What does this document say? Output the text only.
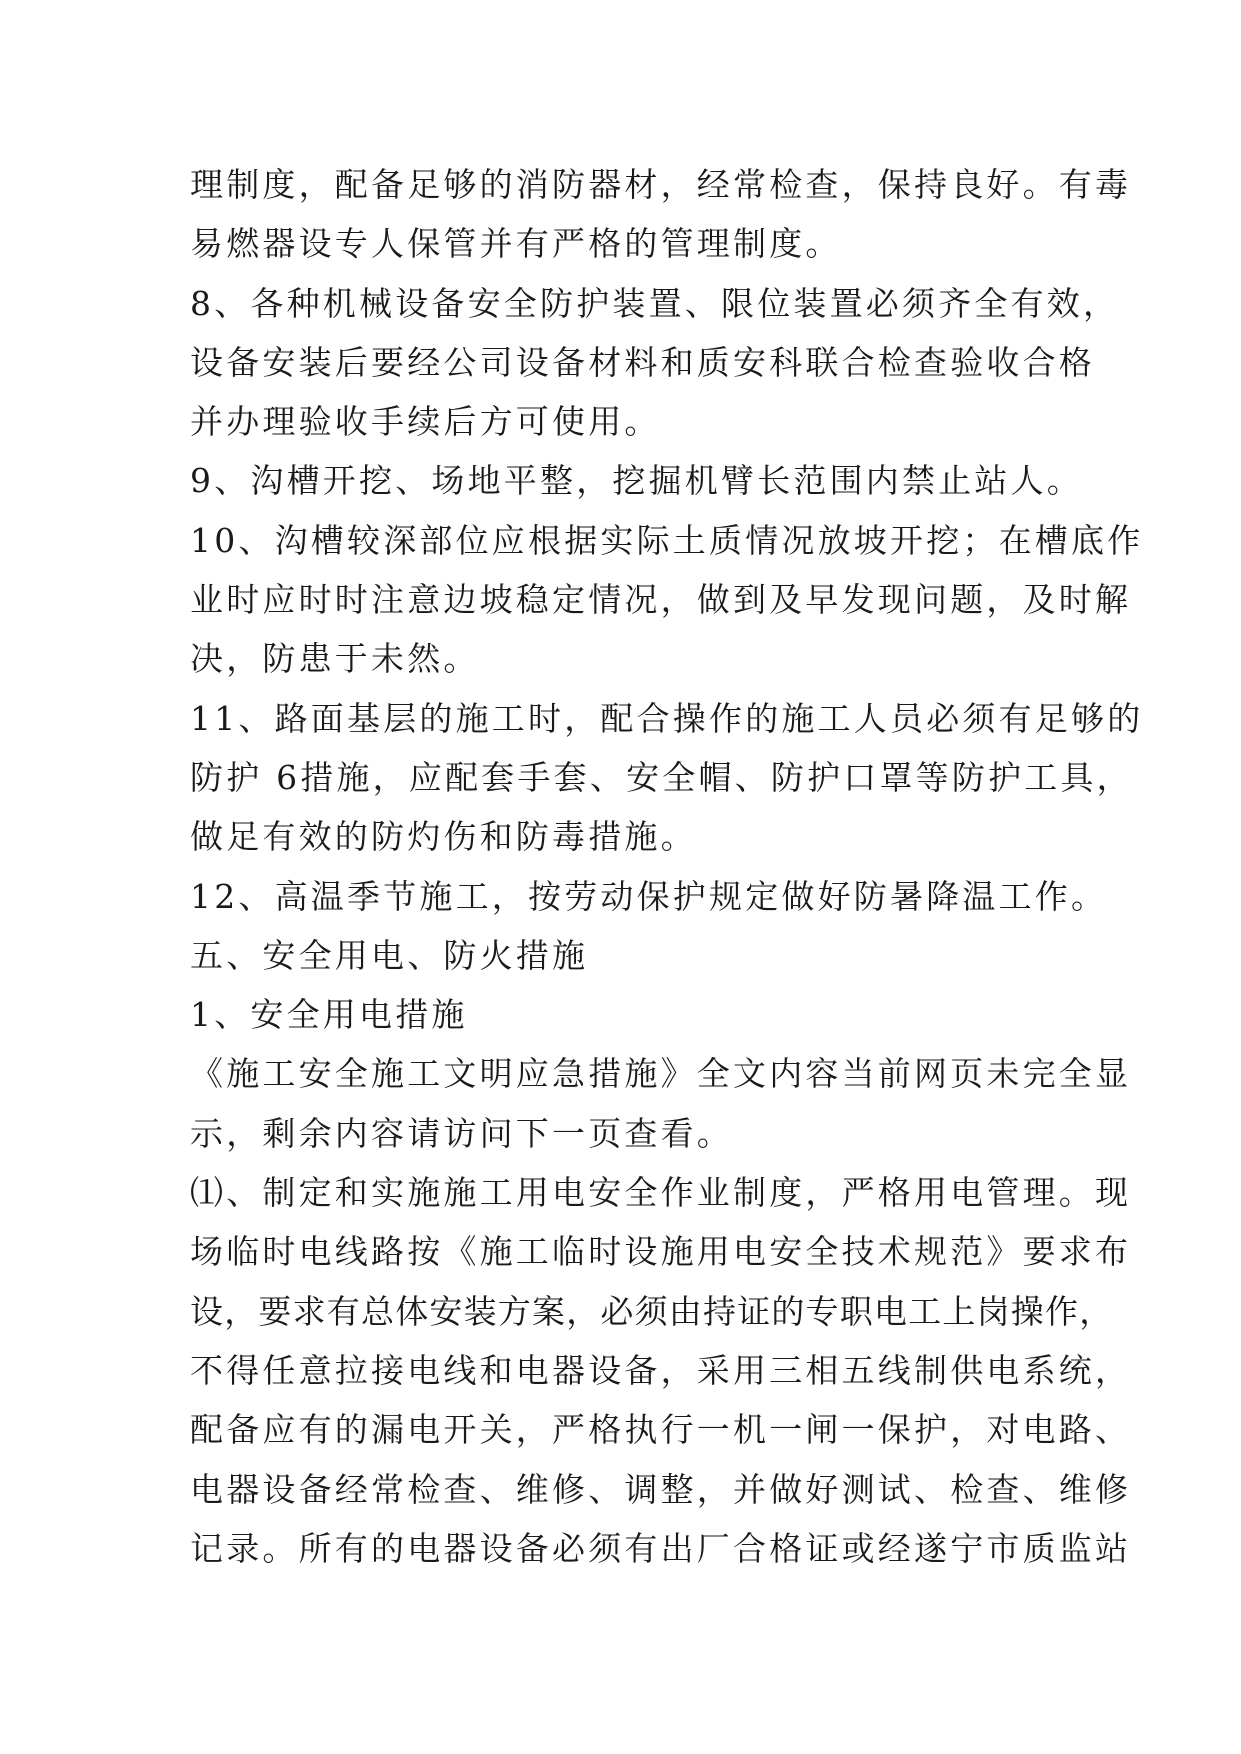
理制度，配备足够的消防器材，经常检查，保持良好。有毒
易燃器设专人保管并有严格的管理制度。
8、各种机械设备安全防护装置、限位装置必须齐全有效，
设备安装后要经公司设备材料和质安科联合检查验收合格
并办理验收手续后方可使用。
9、沟槽开挖、场地平整，挖掘机臂长范围内禁止站人。
10、沟槽较深部位应根据实际土质情况放坡开挖；在槽底作
业时应时时注意边坡稳定情况，做到及早发现问题，及时解
决，防患于未然。
11、路面基层的施工时，配合操作的施工人员必须有足够的
防护 6措施，应配套手套、安全帽、防护口罩等防护工具，
做足有效的防灼伤和防毒措施。
12、高温季节施工，按劳动保护规定做好防暑降温工作。
五、安全用电、防火措施
1、安全用电措施
《施工安全施工文明应急措施》全文内容当前网页未完全显
示，剩余内容请访问下一页查看。
⑴、制定和实施施工用电安全作业制度，严格用电管理。现
场临时电线路按《施工临时设施用电安全技术规范》要求布
设，要求有总体安装方案，必须由持证的专职电工上岗操作，
不得任意拉接电线和电器设备，采用三相五线制供电系统，
配备应有的漏电开关，严格执行一机一闸一保护，对电路、
电器设备经常检查、维修、调整，并做好测试、检查、维修
记录。所有的电器设备必须有出厂合格证或经遂宁市质监站
